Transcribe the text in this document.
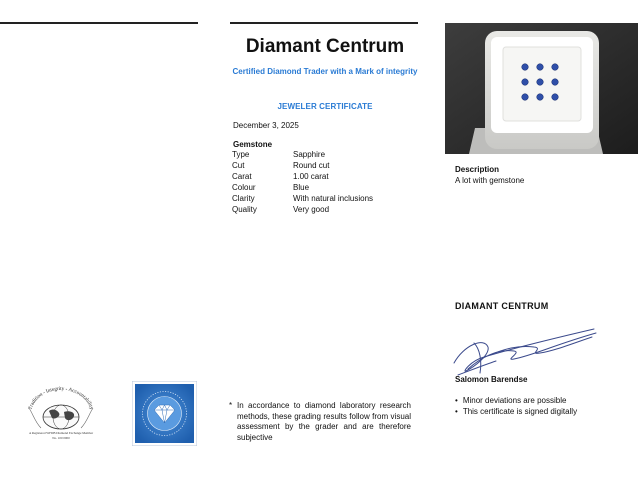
Diamant Centrum
Certified Diamond Trader with a Mark of integrity
JEWELER CERTIFICATE
December 3, 2025
Gemstone
Type	Sapphire
Cut	Round cut
Carat	1.00 carat
Colour	Blue
Clarity	With natural inclusions
Quality	Very good
Description
A lot with gemstone
DIAMANT CENTRUM
Salomon Barendse
• Minor deviations are possible
• This certificate is signed digitally
* In accordance to diamond laboratory research methods, these grading results follow from visual assessment by the grader and are therefore subjective
Tradition - Integrity - Accountability
A Registered WFDB Diamond Exchange Member
No. 100 0000
